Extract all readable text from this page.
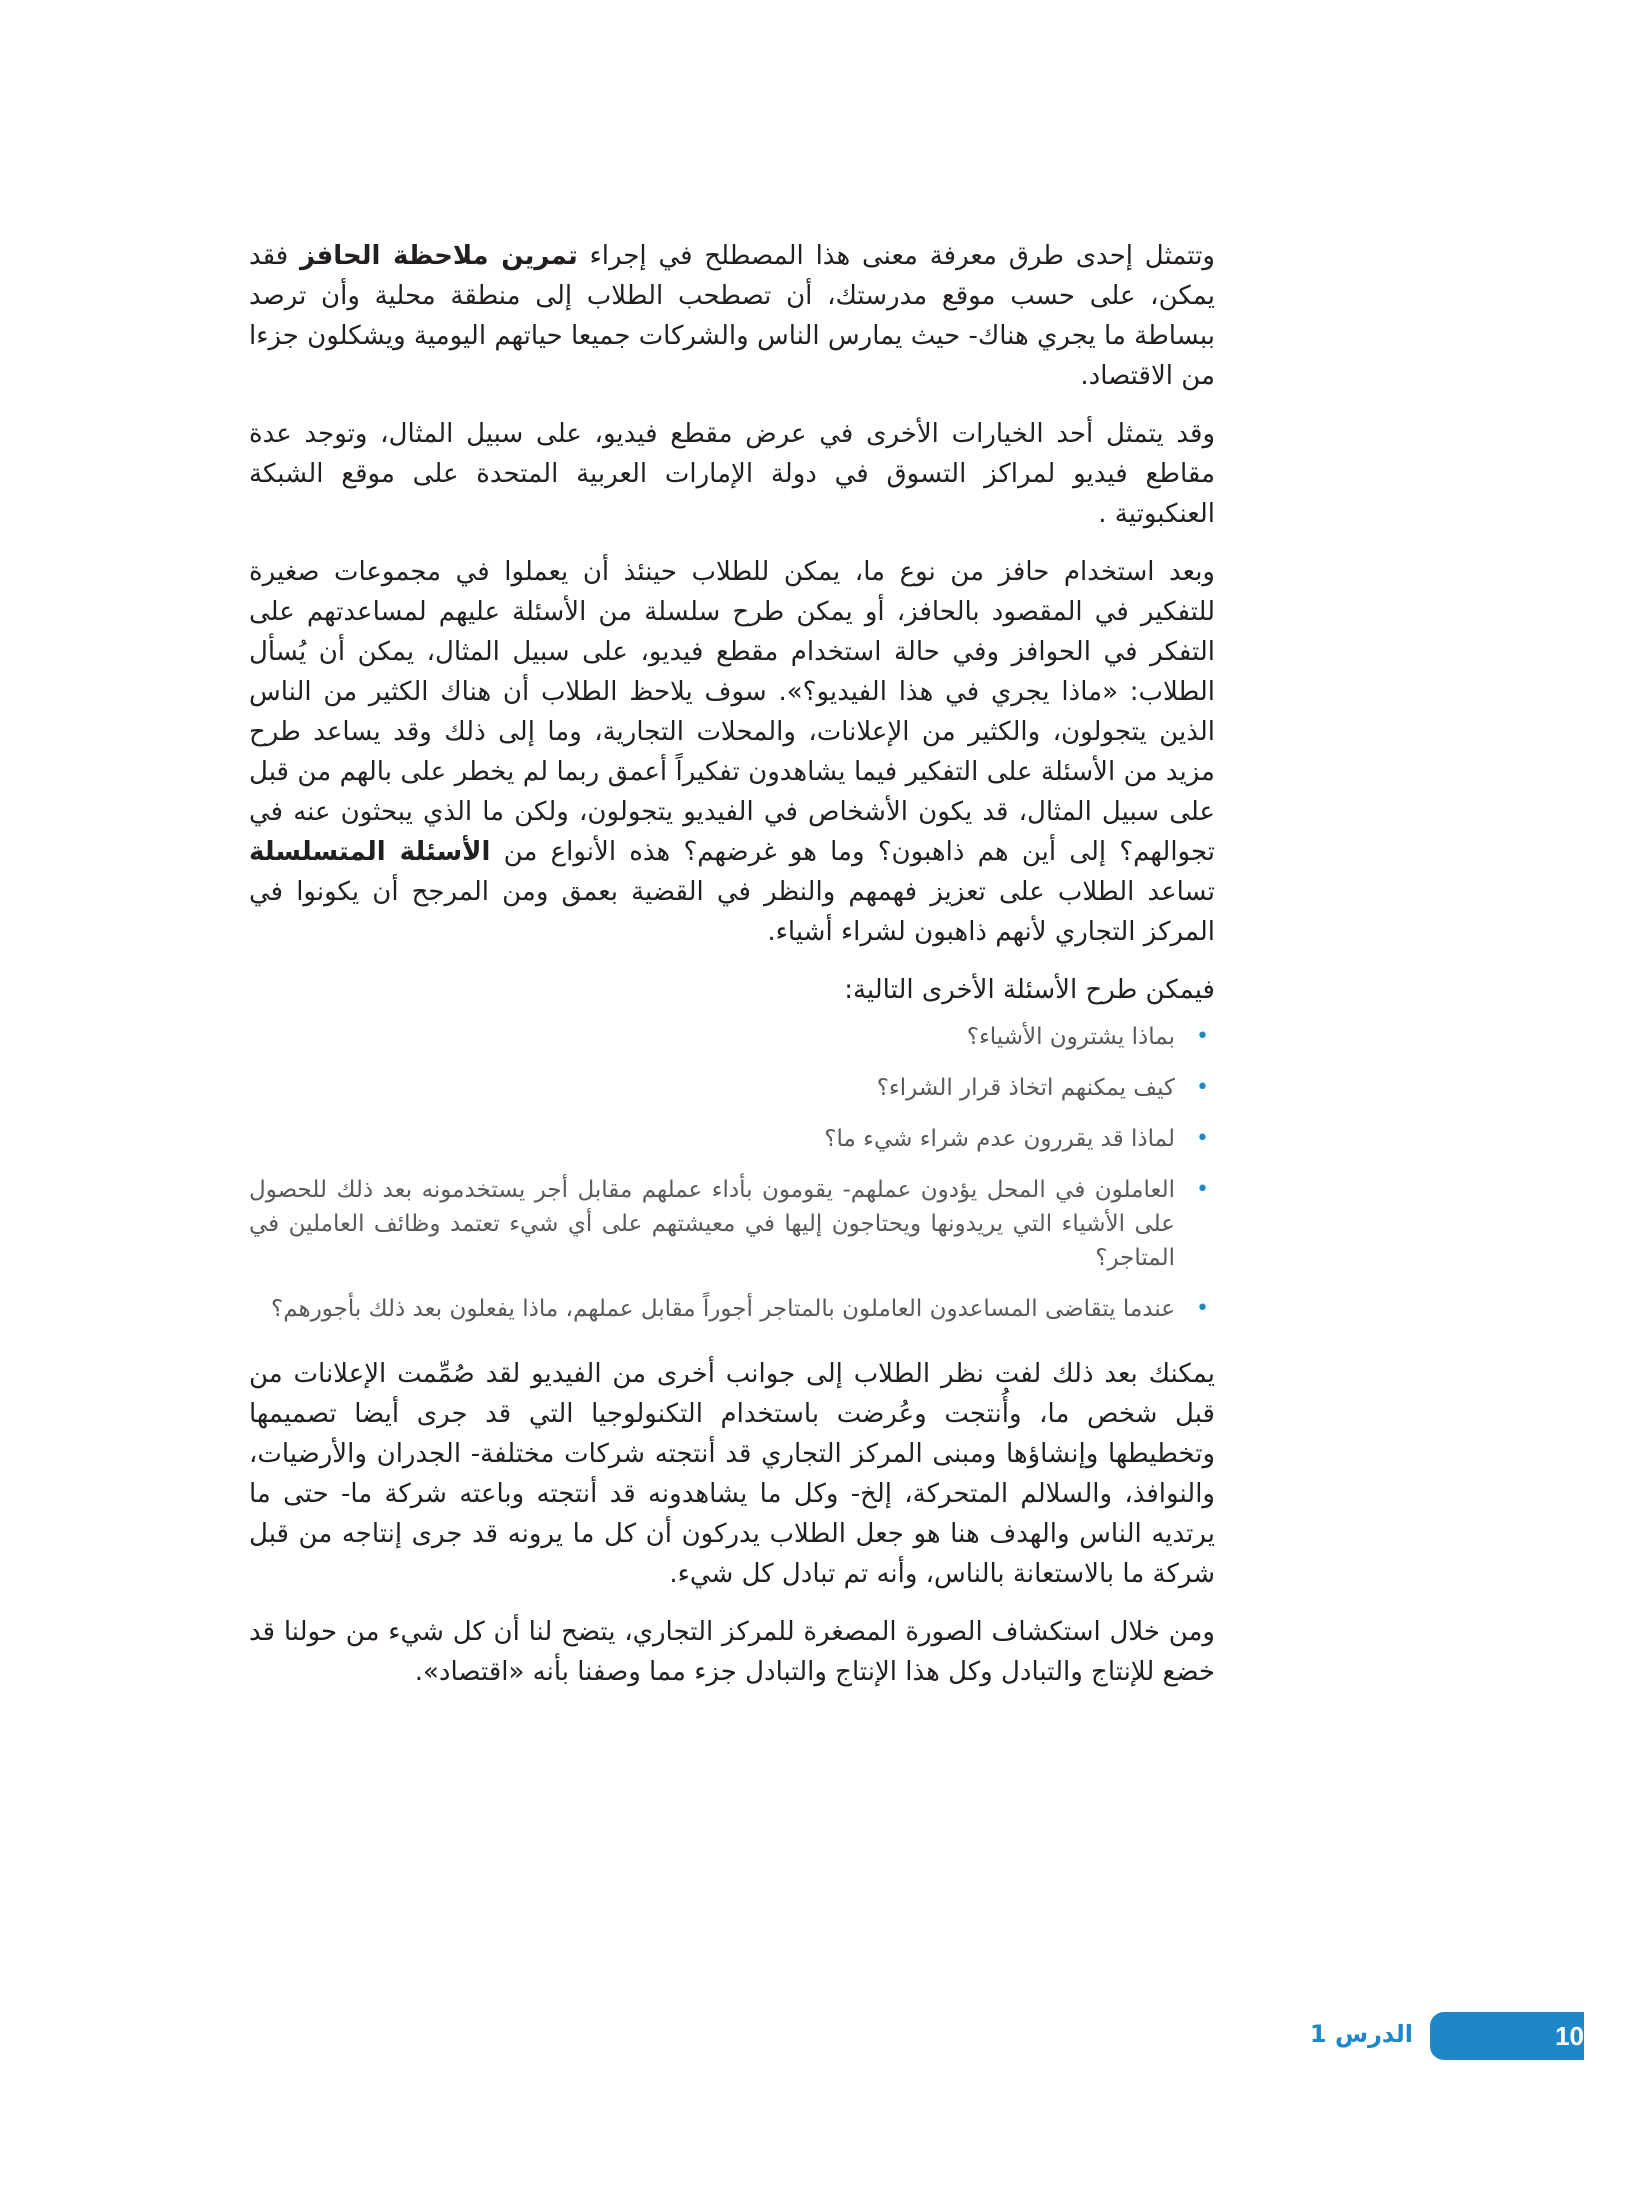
وتتمثل إحدى طرق معرفة معنى هذا المصطلح في إجراء تمرين ملاحظة الحافز فقد يمكن، على حسب موقع مدرستك، أن تصطحب الطلاب إلى منطقة محلية وأن ترصد ببساطة ما يجري هناك- حيث يمارس الناس والشركات جميعا حياتهم اليومية ويشكلون جزءا من الاقتصاد.

وقد يتمثل أحد الخيارات الأخرى في عرض مقطع فيديو، على سبيل المثال، وتوجد عدة مقاطع فيديو لمراكز التسوق في دولة الإمارات العربية المتحدة على موقع الشبكة العنكبوتية .

وبعد استخدام حافز من نوع ما، يمكن للطلاب حينئذ أن يعملوا في مجموعات صغيرة للتفكير في المقصود بالحافز، أو يمكن طرح سلسلة من الأسئلة عليهم لمساعدتهم على التفكر في الحوافز وفي حالة استخدام مقطع فيديو، على سبيل المثال، يمكن أن يُسأل الطلاب: «ماذا يجري في هذا الفيديو؟». سوف يلاحظ الطلاب أن هناك الكثير من الناس الذين يتجولون، والكثير من الإعلانات، والمحلات التجارية، وما إلى ذلك وقد يساعد طرح مزيد من الأسئلة على التفكير فيما يشاهدون تفكيراً أعمق ربما لم يخطر على بالهم من قبل على سبيل المثال، قد يكون الأشخاص في الفيديو يتجولون، ولكن ما الذي يبحثون عنه في تجوالهم؟ إلى أين هم ذاهبون؟ وما هو غرضهم؟ هذه الأنواع من الأسئلة المتسلسلة تساعد الطلاب على تعزيز فهمهم والنظر في القضية بعمق ومن المرجح أن يكونوا في المركز التجاري لأنهم ذاهبون لشراء أشياء.

فيمكن طرح الأسئلة الأخرى التالية:

•
بماذا يشترون الأشياء؟
•
كيف يمكنهم اتخاذ قرار الشراء؟
•
لماذا قد يقررون عدم شراء شيء ما؟
•
العاملون في المحل يؤدون عملهم- يقومون بأداء عملهم مقابل أجر يستخدمونه بعد ذلك للحصول على الأشياء التي يريدونها ويحتاجون إليها في معيشتهم على أي شيء تعتمد وظائف العاملين في المتاجر؟
•
عندما يتقاضى المساعدون العاملون بالمتاجر أجوراً مقابل عملهم، ماذا يفعلون بعد ذلك بأجورهم؟

يمكنك بعد ذلك لفت نظر الطلاب إلى جوانب أخرى من الفيديو لقد صُمِّمت الإعلانات من قبل شخص ما، وأُنتجت وعُرضت باستخدام التكنولوجيا التي قد جرى أيضا تصميمها وتخطيطها وإنشاؤها ومبنى المركز التجاري قد أنتجته شركات مختلفة- الجدران والأرضيات، والنوافذ، والسلالم المتحركة، إلخ- وكل ما يشاهدونه قد أنتجته وباعته شركة ما- حتى ما يرتديه الناس والهدف هنا هو جعل الطلاب يدركون أن كل ما يرونه قد جرى إنتاجه من قبل شركة ما بالاستعانة بالناس، وأنه تم تبادل كل شيء.

ومن خلال استكشاف الصورة المصغرة للمركز التجاري، يتضح لنا أن كل شيء من حولنا قد خضع للإنتاج والتبادل وكل هذا الإنتاج والتبادل جزء مما وصفنا بأنه «اقتصاد».

الدرس 1	10
